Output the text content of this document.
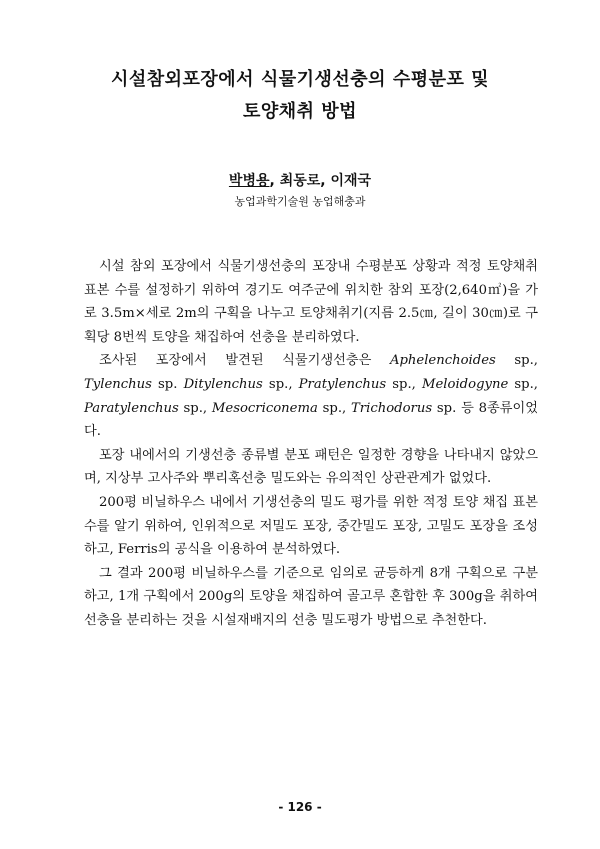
시설참외포장에서 식물기생선충의 수평분포 및
토양채취 방법
박병용, 최동로, 이재국
농업과학기술원 농업해충과

시설 참외 포장에서 식물기생선충의 포장내 수평분포 상황과 적정 토양채취 표본 수를 설정하기 위하여 경기도 여주군에 위치한 참외 포장(2,640㎡)을 가로 3.5m×세로 2m의 구획을 나누고 토양채취기(지름 2.5㎝, 길이 30㎝)로 구획당 8번씩 토양을 채집하여 선충을 분리하였다.

조사된 포장에서 발견된 식물기생선충은 Aphelenchoides sp., Tylenchus sp. Ditylenchus sp., Pratylenchus sp., Meloidogyne sp., Paratylenchus sp., Mesocriconema sp., Trichodorus sp. 등 8종류이었다.

포장 내에서의 기생선충 종류별 분포 패턴은 일정한 경향을 나타내지 않았으며, 지상부 고사주와 뿌리혹선충 밀도와는 유의적인 상관관계가 없었다.

200평 비닐하우스 내에서 기생선충의 밀도 평가를 위한 적정 토양 채집 표본 수를 알기 위하여, 인위적으로 저밀도 포장, 중간밀도 포장, 고밀도 포장을 조성하고, Ferris의 공식을 이용하여 분석하였다.

그 결과 200평 비닐하우스를 기준으로 임의로 균등하게 8개 구획으로 구분하고, 1개 구획에서 200g의 토양을 채집하여 골고루 혼합한 후 300g을 취하여 선충을 분리하는 것을 시설재배지의 선충 밀도평가 방법으로 추천한다.

- 126 -
